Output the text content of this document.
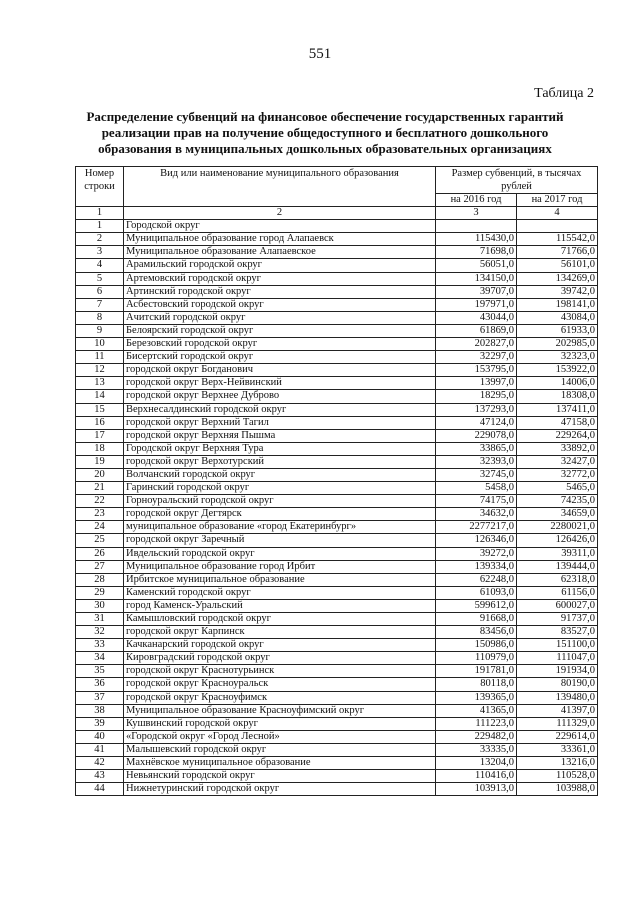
551
Таблица 2
Распределение субвенций на финансовое обеспечение государственных гарантий реализации прав на получение общедоступного и бесплатного дошкольного образования в муниципальных дошкольных образовательных организациях
Номер строки	Вид или наименование муниципального образования	Размер субвенций, в тысячах рублей	
		на 2016 год	на 2017 год
1	2	3	4
1	Городской округ		
2	Муниципальное образование город Алапаевск	115430,0	115542,0
3	Муниципальное образование Алапаевское	71698,0	71766,0
4	Арамильский городской округ	56051,0	56101,0
5	Артемовский городской округ	134150,0	134269,0
6	Артинский городской округ	39707,0	39742,0
7	Асбестовский городской округ	197971,0	198141,0
8	Ачитский городской округ	43044,0	43084,0
9	Белоярский городской округ	61869,0	61933,0
10	Березовский городской округ	202827,0	202985,0
11	Бисертский городской округ	32297,0	32323,0
12	городской округ Богданович	153795,0	153922,0
13	городской округ Верх-Нейвинский	13997,0	14006,0
14	городской округ Верхнее Дуброво	18295,0	18308,0
15	Верхнесалдинский городской округ	137293,0	137411,0
16	городской округ Верхний Тагил	47124,0	47158,0
17	городской округ Верхняя Пышма	229078,0	229264,0
18	Городской округ Верхняя Тура	33865,0	33892,0
19	городской округ Верхотурский	32393,0	32427,0
20	Волчанский городской округ	32745,0	32772,0
21	Гаринский городской округ	5458,0	5465,0
22	Горноуральский городской округ	74175,0	74235,0
23	городской округ Дегтярск	34632,0	34659,0
24	муниципальное образование «город Екатеринбург»	2277217,0	2280021,0
25	городской округ Заречный	126346,0	126426,0
26	Ивдельский городской округ	39272,0	39311,0
27	Муниципальное образование город Ирбит	139334,0	139444,0
28	Ирбитское муниципальное образование	62248,0	62318,0
29	Каменский городской округ	61093,0	61156,0
30	город Каменск-Уральский	599612,0	600027,0
31	Камышловский городской округ	91668,0	91737,0
32	городской округ Карпинск	83456,0	83527,0
33	Качканарский городской округ	150986,0	151100,0
34	Кировградский городской округ	110979,0	111047,0
35	городской округ Краснотурьинск	191781,0	191934,0
36	городской округ Красноуральск	80118,0	80190,0
37	городской округ Красноуфимск	139365,0	139480,0
38	Муниципальное образование Красноуфимский округ	41365,0	41397,0
39	Кушвинский городской округ	111223,0	111329,0
40	«Городской округ «Город Лесной»	229482,0	229614,0
41	Малышевский городской округ	33335,0	33361,0
42	Махнёвское муниципальное образование	13204,0	13216,0
43	Невьянский городской округ	110416,0	110528,0
44	Нижнетуринский городской округ	103913,0	103988,0
